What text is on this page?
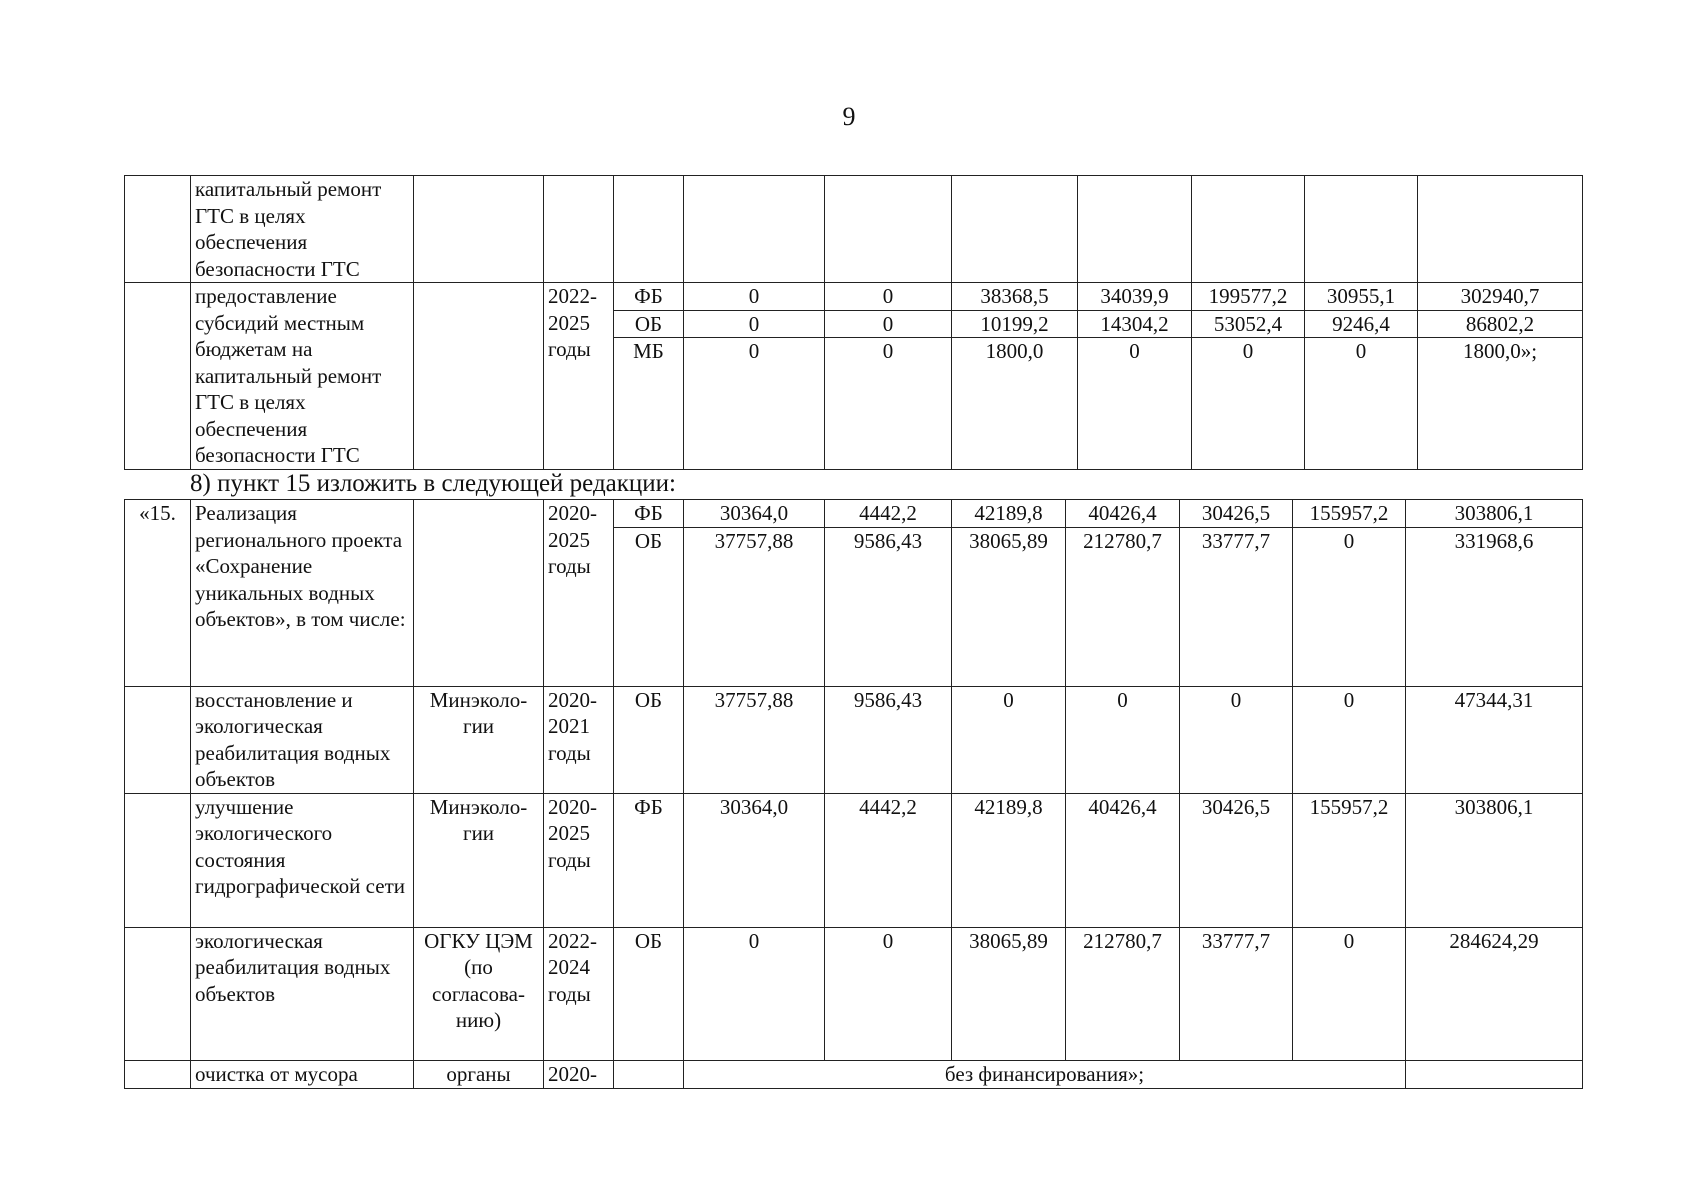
9
	капитальный ремонт ГТС в целях обеспечения безопасности ГТС										
	предоставление субсидий местным бюджетам на капитальный ремонт ГТС в целях обеспечения безопасности ГТС		2022-2025 годы	ФБ	0	0	38368,5	34039,9	199577,2	30955,1	302940,7
				ОБ	0	0	10199,2	14304,2	53052,4	9246,4	86802,2
				МБ	0	0	1800,0	0	0	0	1800,0»;
8) пункт 15 изложить в следующей редакции:
«15.	Реализация регионального проекта «Сохранение уникальных водных объектов», в том числе:		2020-2025 годы	ФБ	30364,0	4442,2	42189,8	40426,4	30426,5	155957,2	303806,1
				ОБ	37757,88	9586,43	38065,89	212780,7	33777,7	0	331968,6
	восстановление и экологическая реабилитация водных объектов	Минэколо-гии	2020-2021 годы	ОБ	37757,88	9586,43	0	0	0	0	47344,31
	улучшение экологического состояния гидрографической сети	Минэколо-гии	2020-2025 годы	ФБ	30364,0	4442,2	42189,8	40426,4	30426,5	155957,2	303806,1
	экологическая реабилитация водных объектов	ОГКУ ЦЭМ (по согласова-нию)	2022-2024 годы	ОБ	0	0	38065,89	212780,7	33777,7	0	284624,29
	очистка от мусора	органы	2020-		без финансирования»;						
